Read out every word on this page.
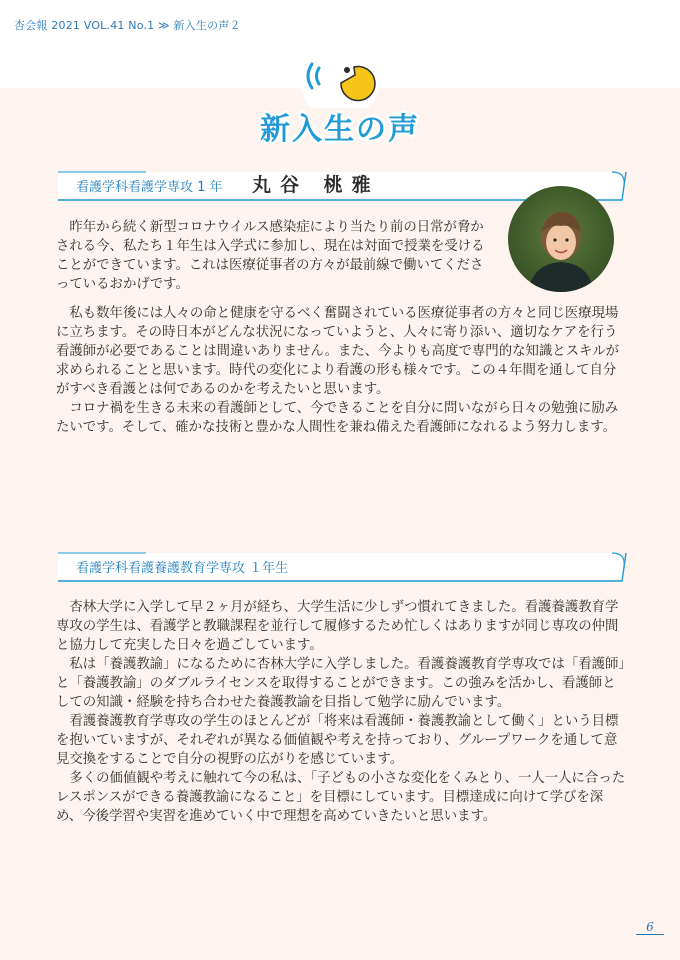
杏会報 2021 VOL.41 No.1 ≫ 新入生の声２
新入生の声
看護学科看護学専攻 1 年 丸谷 桃雅

昨年から続く新型コロナウイルス感染症により当たり前の日常が脅かされる今、私たち１年生は入学式に参加し、現在は対面で授業を受けることができています。これは医療従事者の方々が最前線で働いてくださっているおかげです。

私も数年後には人々の命と健康を守るべく奮闘されている医療従事者の方々と同じ医療現場に立ちます。その時日本がどんな状況になっていようと、人々に寄り添い、適切なケアを行う看護師が必要であることは間違いありません。また、今よりも高度で専門的な知識とスキルが求められることと思います。時代の変化により看護の形も様々です。この４年間を通して自分がすべき看護とは何であるのかを考えたいと思います。

コロナ禍を生きる未来の看護師として、今できることを自分に問いながら日々の勉強に励みたいです。そして、確かな技術と豊かな人間性を兼ね備えた看護師になれるよう努力します。

看護学科看護養護教育学専攻 １年生

杏林大学に入学して早２ヶ月が経ち、大学生活に少しずつ慣れてきました。看護養護教育学専攻の学生は、看護学と教職課程を並行して履修するため忙しくはありますが同じ専攻の仲間と協力して充実した日々を過ごしています。

私は「養護教諭」になるために杏林大学に入学しました。看護養護教育学専攻では「看護師」と「養護教諭」のダブルライセンスを取得することができます。この強みを活かし、看護師としての知識・経験を持ち合わせた養護教諭を目指して勉学に励んでいます。

看護養護教育学専攻の学生のほとんどが「将来は看護師・養護教諭として働く」という目標を抱いていますが、それぞれが異なる価値観や考えを持っており、グループワークを通して意見交換をすることで自分の視野の広がりを感じています。

多くの価値観や考えに触れて今の私は、「子どもの小さな変化をくみとり、一人一人に合ったレスポンスができる養護教諭になること」を目標にしています。目標達成に向けて学びを深め、今後学習や実習を進めていく中で理想を高めていきたいと思います。

6
